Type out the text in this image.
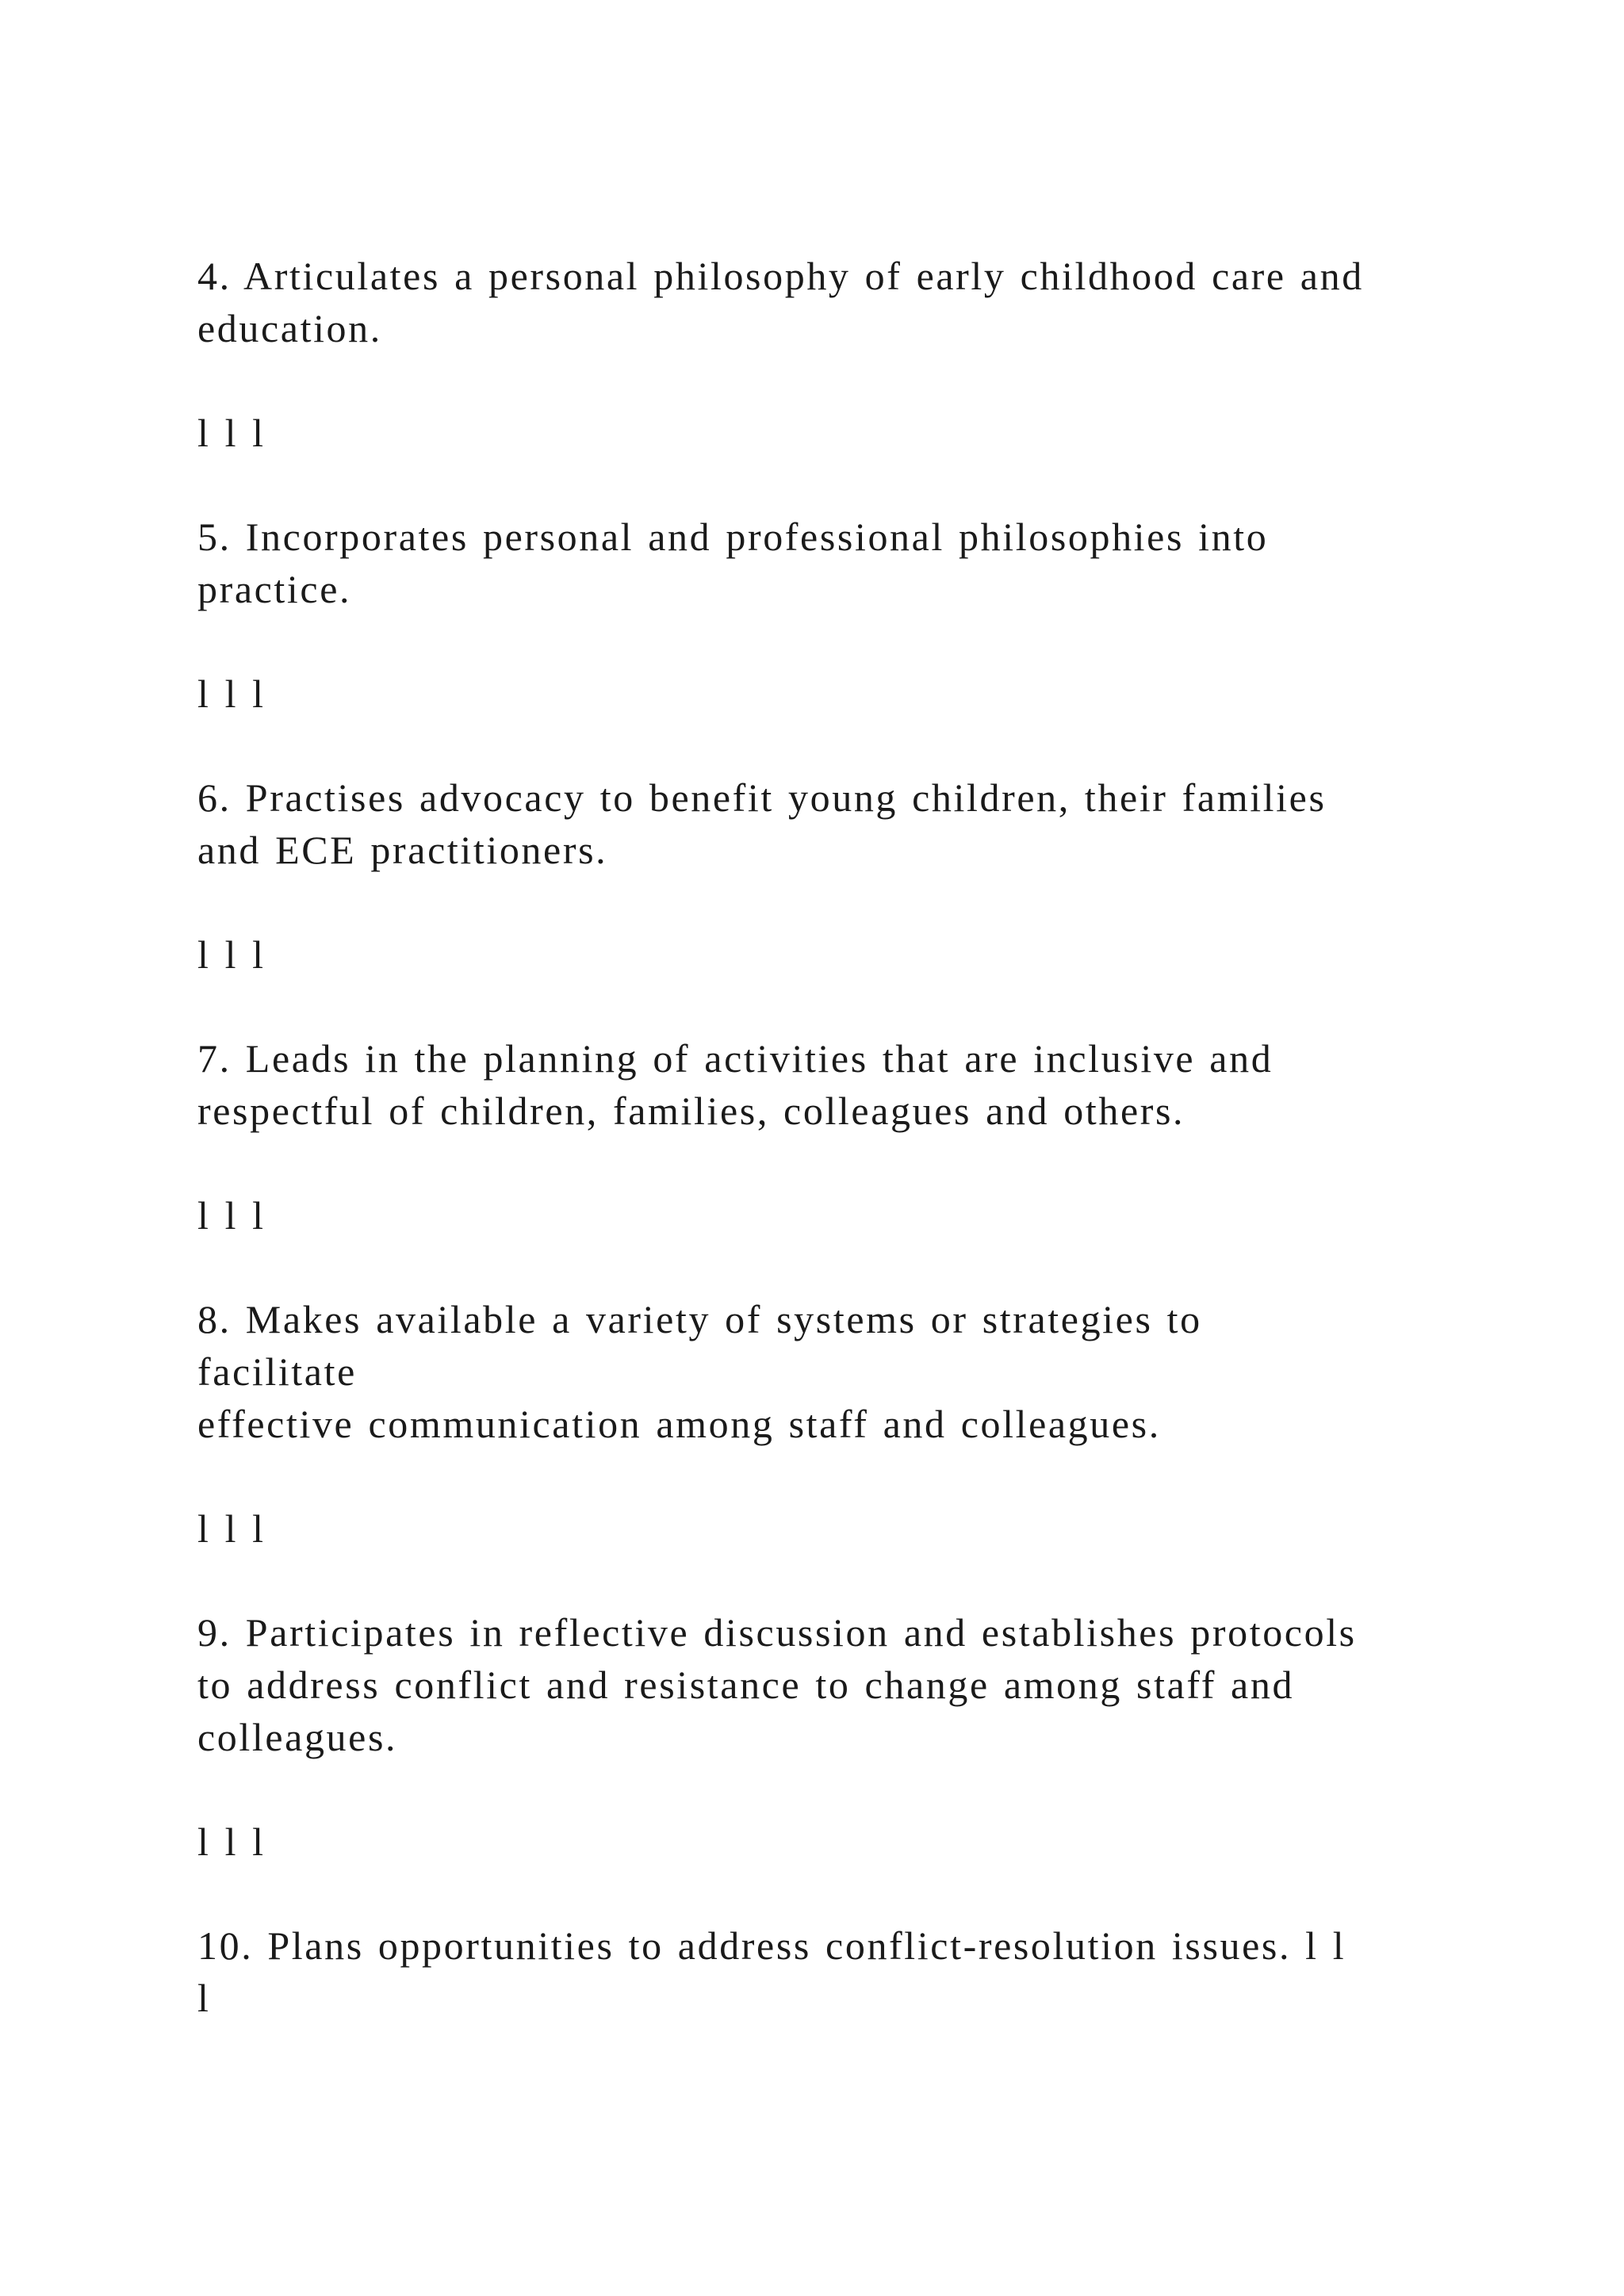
4. Articulates a personal philosophy of early childhood care and

education.

l l l

5. Incorporates personal and professional philosophies into

practice.

l l l

6. Practises advocacy to benefit young children, their families

and ECE practitioners.

l l l

7. Leads in the planning of activities that are inclusive and

respectful of children, families, colleagues and others.

l l l

8. Makes available a variety of systems or strategies to

facilitate

effective communication among staff and colleagues.

l l l

9. Participates in reflective discussion and establishes protocols

to address conflict and resistance to change among staff and

colleagues.

l l l

10. Plans opportunities to address conflict-resolution issues. l l

l
